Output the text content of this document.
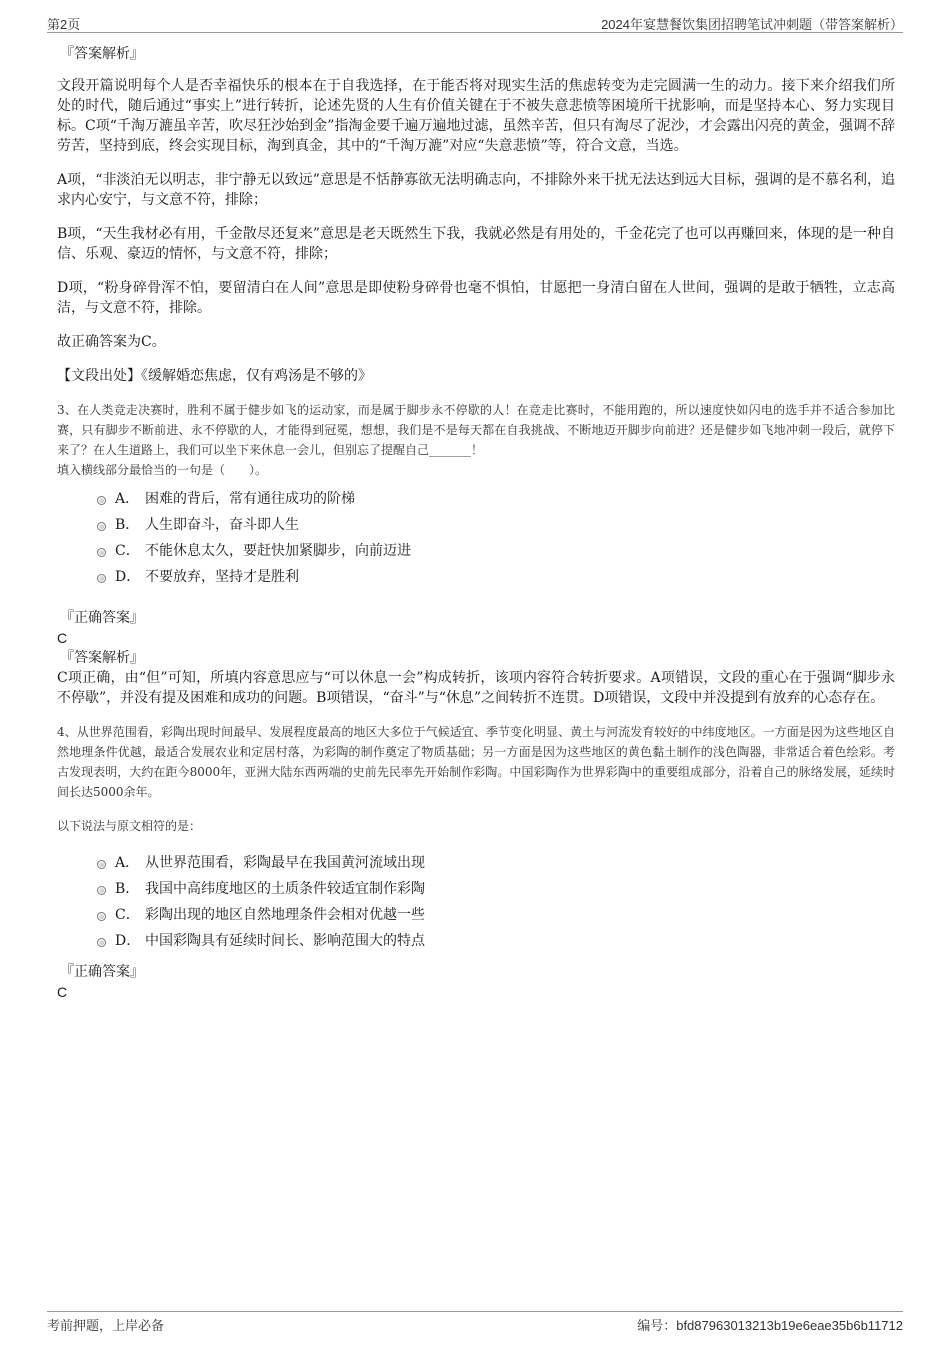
第2页	2024年宴慧餐饮集团招聘笔试冲刺题（带答案解析）

『答案解析』

文段开篇说明每个人是否幸福快乐的根本在于自我选择，在于能否将对现实生活的焦虑转变为走完圆满一生的动力。接下来介绍我们所处的时代，随后通过“事实上”进行转折，论述先贤的人生有价值关键在于不被失意悲愤等困境所干扰影响，而是坚持本心、努力实现目标。C项“千淘万漉虽辛苦，吹尽狂沙始到金”指淘金要千遍万遍地过滤，虽然辛苦，但只有淘尽了泥沙，才会露出闪亮的黄金，强调不辞劳苦，坚持到底，终会实现目标，淘到真金，其中的“千淘万漉”对应“失意悲愤”等，符合文意，当选。

A项，“非淡泊无以明志，非宁静无以致远”意思是不恬静寡欲无法明确志向，不排除外来干扰无法达到远大目标，强调的是不慕名利，追求内心安宁，与文意不符，排除；

B项，“天生我材必有用，千金散尽还复来”意思是老天既然生下我，我就必然是有用处的，千金花完了也可以再赚回来，体现的是一种自信、乐观、豪迈的情怀，与文意不符，排除；

D项，“粉身碎骨浑不怕，要留清白在人间”意思是即使粉身碎骨也毫不惧怕，甘愿把一身清白留在人世间，强调的是敢于牺牲，立志高洁，与文意不符，排除。

故正确答案为C。

【文段出处】《缓解婚恋焦虑，仅有鸡汤是不够的》

3、在人类竞走决赛时，胜利不属于健步如飞的运动家，而是属于脚步永不停歇的人！在竞走比赛时，不能用跑的，所以速度快如闪电的选手并不适合参加比赛，只有脚步不断前进、永不停歇的人，才能得到冠冕，想想，我们是不是每天都在自我挑战、不断地迈开脚步向前进？还是健步如飞地冲刺一段后，就停下来了？在人生道路上，我们可以坐下来休息一会儿，但别忘了提醒自己_______！

填入横线部分最恰当的一句是（　　）。

A． 困难的背后，常有通往成功的阶梯
B． 人生即奋斗，奋斗即人生
C． 不能休息太久，要赶快加紧脚步，向前迈进
D． 不要放弃，坚持才是胜利

『正确答案』

C

『答案解析』

C项正确，由“但”可知，所填内容意思应与“可以休息一会”构成转折，该项内容符合转折要求。A项错误，文段的重心在于强调“脚步永不停歇”，并没有提及困难和成功的问题。B项错误，“奋斗”与“休息”之间转折不连贯。D项错误，文段中并没提到有放弃的心态存在。

4、从世界范围看，彩陶出现时间最早、发展程度最高的地区大多位于气候适宜、季节变化明显、黄土与河流发育较好的中纬度地区。一方面是因为这些地区自然地理条件优越，最适合发展农业和定居村落，为彩陶的制作奠定了物质基础；另一方面是因为这些地区的黄色黏土制作的浅色陶器，非常适合着色绘彩。考古发现表明，大约在距今8000年，亚洲大陆东西两端的史前先民率先开始制作彩陶。中国彩陶作为世界彩陶中的重要组成部分，沿着自己的脉络发展，延续时间长达5000余年。

以下说法与原文相符的是：

A． 从世界范围看，彩陶最早在我国黄河流域出现
B． 我国中高纬度地区的土质条件较适宜制作彩陶
C． 彩陶出现的地区自然地理条件会相对优越一些
D． 中国彩陶具有延续时间长、影响范围大的特点

『正确答案』

C

考前押题，上岸必备	编号：bfd87963013213b19e6eae35b6b11712
